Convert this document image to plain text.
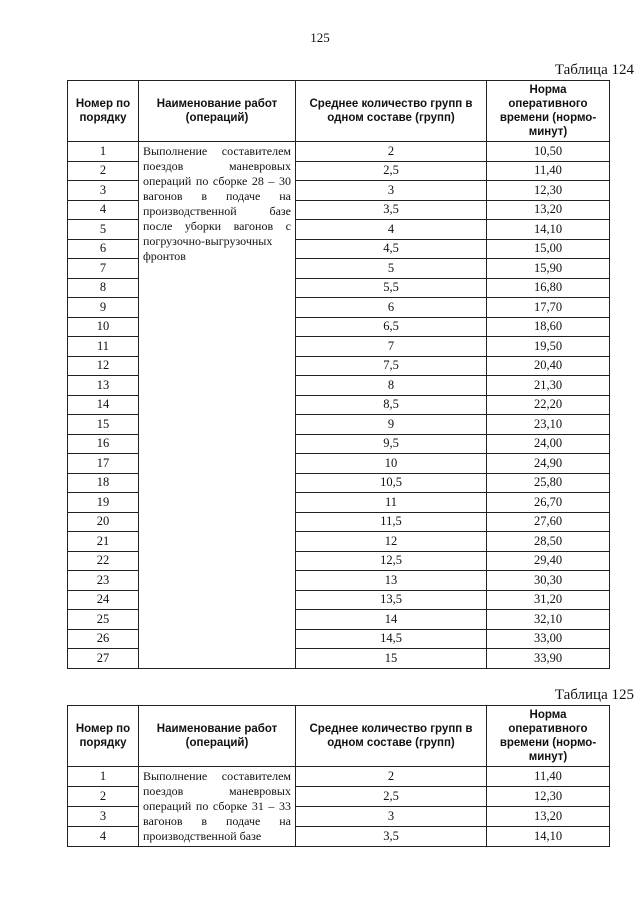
125
Таблица 124
Номер по порядку	Наименование работ (операций)	Среднее количество групп в одном составе (групп)	Норма оперативного времени (нормо-минут)
1	Выполнение составителем поездов маневровых операций по сборке 28 – 30 вагонов в подаче на производственной базе после уборки вагонов с погрузочно-выгрузочных фронтов	2	10,50
2		2,5	11,40
3		3	12,30
4		3,5	13,20
5		4	14,10
6		4,5	15,00
7		5	15,90
8		5,5	16,80
9		6	17,70
10		6,5	18,60
11		7	19,50
12		7,5	20,40
13		8	21,30
14		8,5	22,20
15		9	23,10
16		9,5	24,00
17		10	24,90
18		10,5	25,80
19		11	26,70
20		11,5	27,60
21		12	28,50
22		12,5	29,40
23		13	30,30
24		13,5	31,20
25		14	32,10
26		14,5	33,00
27		15	33,90
Таблица 125
Номер по порядку	Наименование работ (операций)	Среднее количество групп в одном составе (групп)	Норма оперативного времени (нормо-минут)
1	Выполнение составителем поездов маневровых операций по сборке 31 – 33 вагонов в подаче на производственной базе	2	11,40
2		2,5	12,30
3		3	13,20
4		3,5	14,10
